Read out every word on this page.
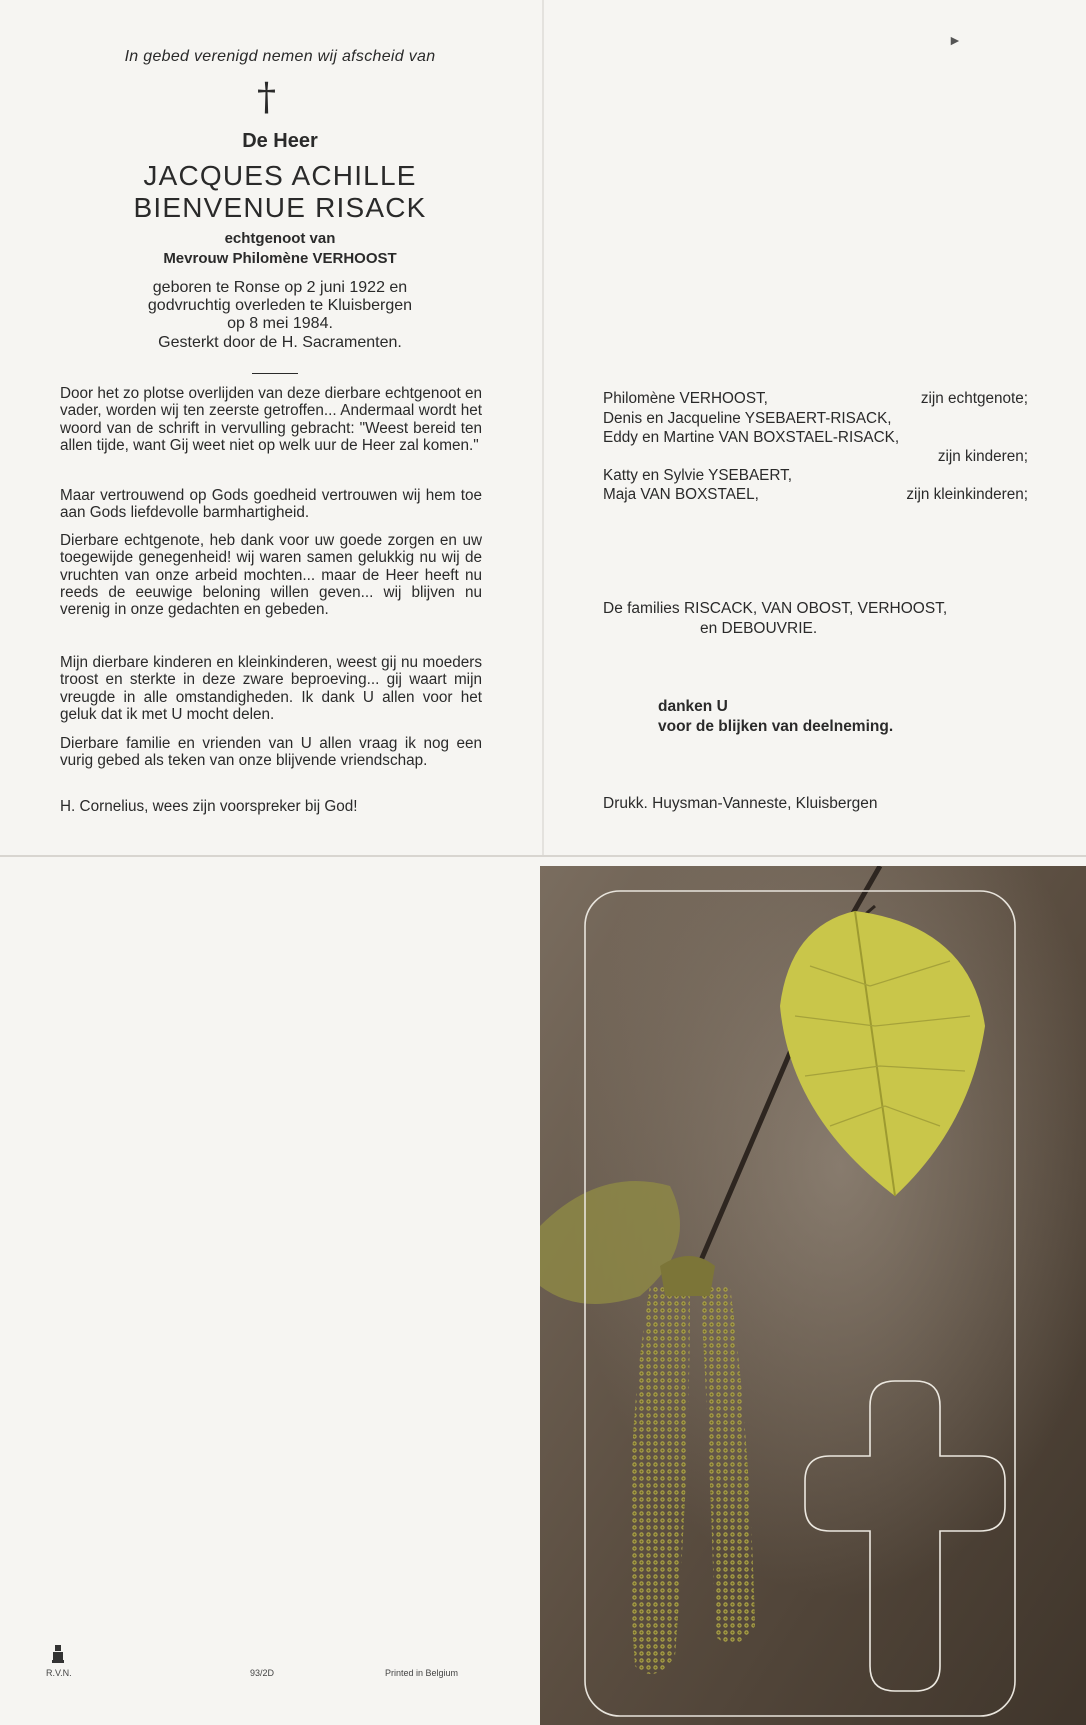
In gebed verenigd nemen wij afscheid van
†
De Heer
JACQUES ACHILLE
BIENVENUE RISACK
echtgenoot van
Mevrouw Philomène VERHOOST
geboren te Ronse op 2 juni 1922 en
godvruchtig overleden te Kluisbergen
op 8 mei 1984.
Gesterkt door de H. Sacramenten.
Door het zo plotse overlijden van deze dierbare echtgenoot en vader, worden wij ten zeerste getroffen... Andermaal wordt het woord van de schrift in vervulling gebracht: "Weest bereid ten allen tijde, want Gij weet niet op welk uur de Heer zal komen."
Maar vertrouwend op Gods goedheid vertrouwen wij hem toe aan Gods liefdevolle barmhartigheid.
Dierbare echtgenote, heb dank voor uw goede zorgen en uw toegewijde genegenheid! wij waren samen gelukkig nu wij de vruchten van onze arbeid mochten... maar de Heer heeft nu reeds de eeuwige beloning willen geven... wij blijven nu verenig in onze gedachten en gebeden.
Mijn dierbare kinderen en kleinkinderen, weest gij nu moeders troost en sterkte in deze zware beproeving... gij waart mijn vreugde in alle omstandigheden. Ik dank U allen voor het geluk dat ik met U mocht delen.
Dierbare familie en vrienden van U allen vraag ik nog een vurig gebed als teken van onze blijvende vriendschap.
H. Cornelius, wees zijn voorspreker bij God!
►
Philomène VERHOOST,	zijn echtgenote;
Denis en Jacqueline YSEBAERT-RISACK,
Eddy en Martine VAN BOXSTAEL-RISACK,
zijn kinderen;
Katty en Sylvie YSEBAERT,
Maja VAN BOXSTAEL,	zijn kleinkinderen;
De families RISCACK, VAN OBOST, VERHOOST,
en DEBOUVRIE.
danken U
voor de blijken van deelneming.
Drukk. Huysman-Vanneste, Kluisbergen
R.V.N.	93/2D	Printed in Belgium
